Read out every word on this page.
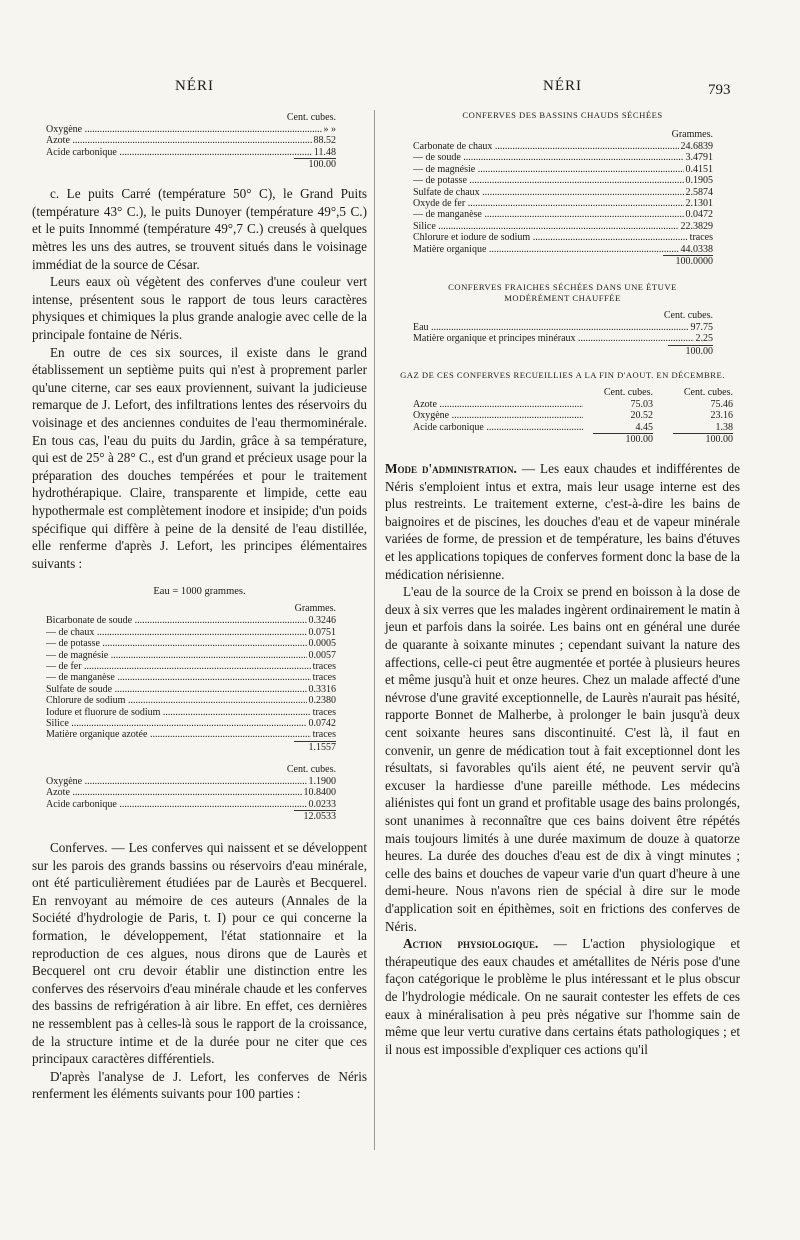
NÉRI	NÉRI	793
Cent. cubes.
Oxygène .....	» »
Azote .....	88.52
Acide carbonique .....	11.48
100.00

c. Le puits Carré (température 50° C), le Grand Puits (température 43° C.), le puits Dunoyer (température 49°,5 C.) et le puits Innommé (température 49°,7 C.) creusés à quelques mètres les uns des autres, se trouvent situés dans le voisinage immédiat de la source de César.

Leurs eaux où végètent des conferves d'une couleur vert intense, présentent sous le rapport de tous leurs caractères physiques et chimiques la plus grande analogie avec celle de la principale fontaine de Néris.

En outre de ces six sources, il existe dans le grand établissement un septième puits qui n'est à proprement parler qu'une citerne, car ses eaux proviennent, suivant la judicieuse remarque de J. Lefort, des infiltrations lentes des réservoirs du voisinage et des anciennes conduites de l'eau thermominérale. En tous cas, l'eau du puits du Jardin, grâce à sa température, qui est de 25° à 28° C., est d'un grand et précieux usage pour la préparation des douches tempérées et pour le traitement hydrothérapique. Claire, transparente et limpide, cette eau hypothermale est complètement inodore et insipide; d'un poids spécifique qui diffère à peine de la densité de l'eau distillée, elle renferme d'après J. Lefort, les principes élémentaires suivants :

Eau = 1000 grammes.
Grammes.
Bicarbonate de soude .....	0.3246
— de chaux .....	0.0751
— de potasse .....	0.0005
— de magnésie .....	0.0057
— de fer .....	traces
— de manganèse .....	traces
Sulfate de soude .....	0.3316
Chlorure de sodium .....	0.2380
Iodure et fluorure de sodium .....	traces
Silice .....	0.0742
Matière organique azotée .....	traces
1.1557
Cent. cubes.
Oxygène .....	1.1900
Azote .....	10.8400
Acide carbonique .....	0.0233
12.0533

Conferves. — Les conferves qui naissent et se développent sur les parois des grands bassins ou réservoirs d'eau minérale, ont été particulièrement étudiées par de Laurès et Becquerel. En renvoyant au mémoire de ces auteurs (Annales de la Société d'hydrologie de Paris, t. I) pour ce qui concerne la formation, le développement, l'état stationnaire et la reproduction de ces algues, nous dirons que de Laurès et Becquerel ont cru devoir établir une distinction entre les conferves des réservoirs d'eau minérale chaude et les conferves des bassins de refrigération à air libre. En effet, ces dernières ne ressemblent pas à celles-là sous le rapport de la croissance, de la structure intime et de la durée pour ne citer que ces principaux caractères différentiels.

D'après l'analyse de J. Lefort, les conferves de Néris renferment les éléments suivants pour 100 parties :

CONFERVES DES BASSINS CHAUDS SÉCHÉES

Grammes.
Carbonate de chaux .....	24.6839
— de soude .....	3.4791
— de magnésie .....	0.4151
— de potasse .....	0.1905
Sulfate de chaux .....	2.5874
Oxyde de fer .....	2.1301
— de manganèse .....	0.0472
Silice .....	22.3829
Chlorure et iodure de sodium .....	traces
Matière organique .....	44.0338
100.0000

CONFERVES FRAICHES SÉCHÉES DANS UNE ÉTUVE

MODÉRÉMENT CHAUFFÉE

Cent. cubes.
Eau .....	97.75
Matière organique et principes minéraux .....	2.25
100.00

GAZ DE CES CONFERVES RECUEILLIES A LA FIN D'AOUT. EN DÉCEMBRE.

Cent. cubes.	Cent. cubes.
Azote .....	75.03	75.46
Oxygène .....	20.52	23.16
Acide carbonique .....	4.45	1.38
100.00	100.00

Mode d'administration. — Les eaux chaudes et indifférentes de Néris s'emploient intus et extra, mais leur usage interne est des plus restreints. Le traitement externe, c'est-à-dire les bains de baignoires et de piscines, les douches d'eau et de vapeur minérale variées de forme, de pression et de température, les bains d'étuves et les applications topiques de conferves forment donc la base de la médication nérisienne.

L'eau de la source de la Croix se prend en boisson à la dose de deux à six verres que les malades ingèrent ordinairement le matin à jeun et parfois dans la soirée. Les bains ont en général une durée de quarante à soixante minutes ; cependant suivant la nature des affections, celle-ci peut être augmentée et portée à plusieurs heures et même jusqu'à huit et onze heures. Chez un malade affecté d'une névrose d'une gravité exceptionnelle, de Laurès n'aurait pas hésité, rapporte Bonnet de Malherbe, à prolonger le bain jusqu'à deux cent soixante heures sans discontinuité. C'est là, il faut en convenir, un genre de médication tout à fait exceptionnel dont les résultats, si favorables qu'ils aient été, ne peuvent servir qu'à excuser la hardiesse d'une pareille méthode. Les médecins aliénistes qui font un grand et profitable usage des bains prolongés, sont unanimes à reconnaître que ces bains doivent être répétés mais toujours limités à une durée maximum de douze à quatorze heures. La durée des douches d'eau est de dix à vingt minutes ; celle des bains et douches de vapeur varie d'un quart d'heure à une demi-heure. Nous n'avons rien de spécial à dire sur le mode d'application soit en épithèmes, soit en frictions des conferves de Néris.

Action physiologique. — L'action physiologique et thérapeutique des eaux chaudes et amétallites de Néris pose d'une façon catégorique le problème le plus intéressant et le plus obscur de l'hydrologie médicale. On ne saurait contester les effets de ces eaux à minéralisation à peu près négative sur l'homme sain de même que leur vertu curative dans certains états pathologiques ; et il nous est impossible d'expliquer ces actions qu'il
